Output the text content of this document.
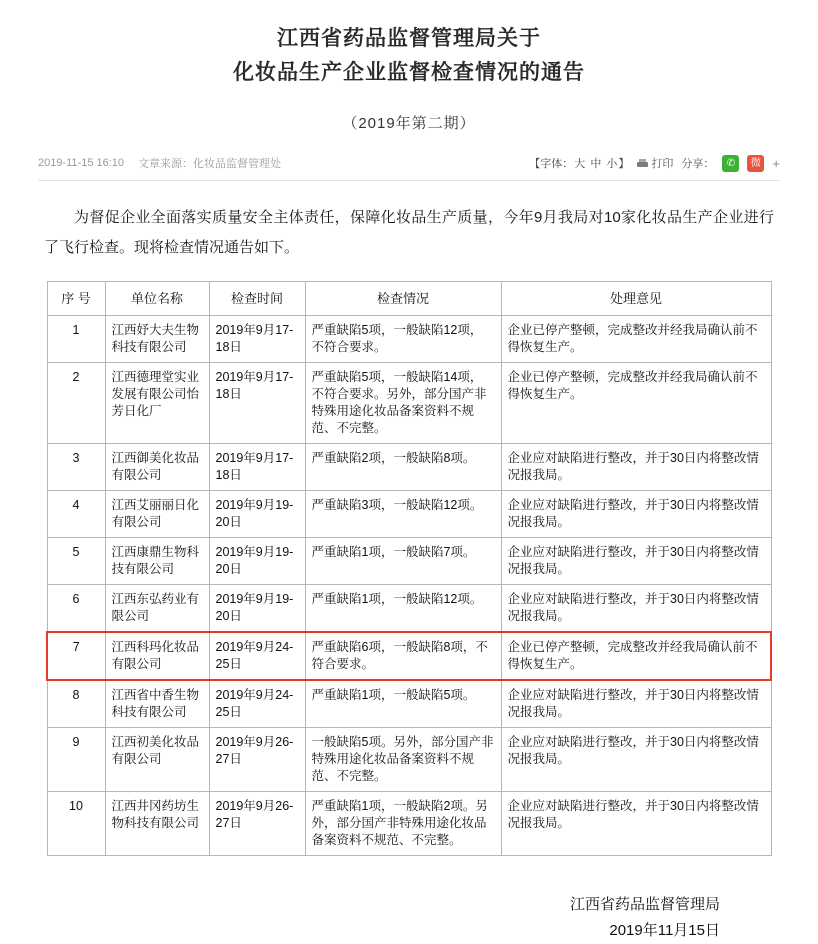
江西省药品监督管理局关于
化妆品生产企业监督检查情况的通告
（2019年第二期）
2019-11-15 16:10 文章来源：化妆品监督管理处	【字体：大 中 小】 打印 分享：	✆	微 +
为督促企业全面落实质量安全主体责任，保障化妆品生产质量，今年9月我局对10家化妆品生产企业进行了飞行检查。现将检查情况通告如下。
序 号	单位名称	检查时间	检查情况	处理意见
1	江西妤大夫生物科技有限公司	2019年9月17-18日	严重缺陷5项，一般缺陷12项，不符合要求。	企业已停产整顿，完成整改并经我局确认前不得恢复生产。
2	江西德理堂实业发展有限公司怡芳日化厂	2019年9月17-18日	严重缺陷5项，一般缺陷14项，不符合要求。另外，部分国产非特殊用途化妆品备案资料不规范、不完整。	企业已停产整顿，完成整改并经我局确认前不得恢复生产。
3	江西御美化妆品有限公司	2019年9月17-18日	严重缺陷2项，一般缺陷8项。	企业应对缺陷进行整改，并于30日内将整改情况报我局。
4	江西艾丽丽日化有限公司	2019年9月19-20日	严重缺陷3项，一般缺陷12项。	企业应对缺陷进行整改，并于30日内将整改情况报我局。
5	江西康鼎生物科技有限公司	2019年9月19-20日	严重缺陷1项，一般缺陷7项。	企业应对缺陷进行整改，并于30日内将整改情况报我局。
6	江西东弘药业有限公司	2019年9月19-20日	严重缺陷1项，一般缺陷12项。	企业应对缺陷进行整改，并于30日内将整改情况报我局。
7	江西科玛化妆品有限公司	2019年9月24-25日	严重缺陷6项，一般缺陷8项，不符合要求。	企业已停产整顿，完成整改并经我局确认前不得恢复生产。
8	江西省中香生物科技有限公司	2019年9月24-25日	严重缺陷1项，一般缺陷5项。	企业应对缺陷进行整改，并于30日内将整改情况报我局。
9	江西初美化妆品有限公司	2019年9月26-27日	一般缺陷5项。另外，部分国产非特殊用途化妆品备案资料不规范、不完整。	企业应对缺陷进行整改，并于30日内将整改情况报我局。
10	江西井冈药坊生物科技有限公司	2019年9月26-27日	严重缺陷1项，一般缺陷2项。另外，部分国产非特殊用途化妆品备案资料不规范、不完整。	企业应对缺陷进行整改，并于30日内将整改情况报我局。
江西省药品监督管理局
2019年11月15日
